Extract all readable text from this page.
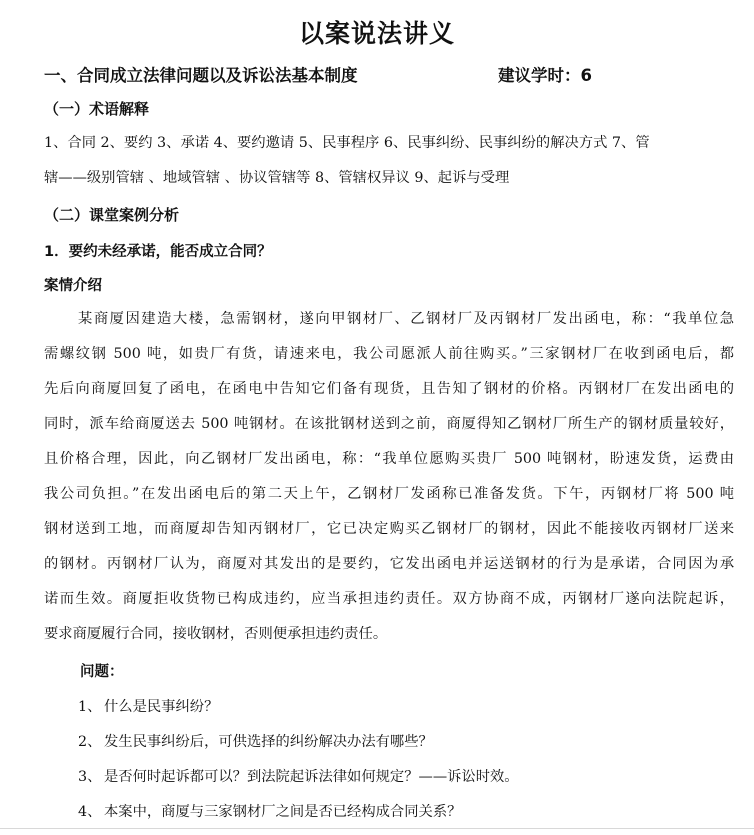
以案说法讲义
一、合同成立法律问题以及诉讼法基本制度	建议学时：6
（一）术语解释
1、合同 2、要约 3、承诺 4、要约邀请 5、民事程序 6、民事纠纷、民事纠纷的解决方式 7、管
辖——级别管辖 、地域管辖 、协议管辖等 8、管辖权异议 9、起诉与受理
（二）课堂案例分析
1．要约未经承诺，能否成立合同？
案情介绍
某商厦因建造大楼，急需钢材，遂向甲钢材厂、乙钢材厂及丙钢材厂发出函电，称：“我单位急
需螺纹钢 500 吨，如贵厂有货，请速来电，我公司愿派人前往购买。”三家钢材厂在收到函电后，都
先后向商厦回复了函电，在函电中告知它们备有现货，且告知了钢材的价格。丙钢材厂在发出函电的
同时，派车给商厦送去 500 吨钢材。在该批钢材送到之前，商厦得知乙钢材厂所生产的钢材质量较好，
且价格合理，因此，向乙钢材厂发出函电，称：“我单位愿购买贵厂 500 吨钢材，盼速发货，运费由
我公司负担。”在发出函电后的第二天上午，乙钢材厂发函称已准备发货。下午，丙钢材厂将 500 吨
钢材送到工地，而商厦却告知丙钢材厂，它已决定购买乙钢材厂的钢材，因此不能接收丙钢材厂送来
的钢材。丙钢材厂认为，商厦对其发出的是要约，它发出函电并运送钢材的行为是承诺，合同因为承
诺而生效。商厦拒收货物已构成违约，应当承担违约责任。双方协商不成，丙钢材厂遂向法院起诉，
要求商厦履行合同，接收钢材，否则便承担违约责任。
问题：
1、 什么是民事纠纷？
2、 发生民事纠纷后，可供选择的纠纷解决办法有哪些？
3、 是否何时起诉都可以？到法院起诉法律如何规定？——诉讼时效。
4、 本案中，商厦与三家钢材厂之间是否已经构成合同关系？
